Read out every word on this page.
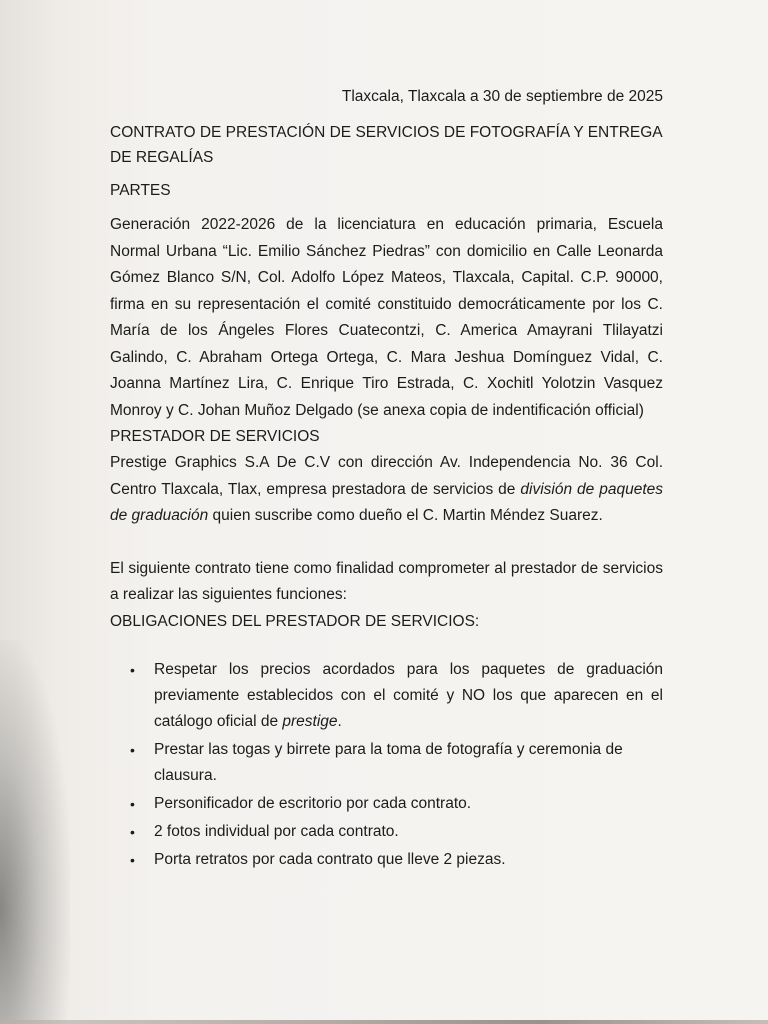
Tlaxcala, Tlaxcala a 30 de septiembre de 2025

CONTRATO DE PRESTACIÓN DE SERVICIOS DE FOTOGRAFÍA Y ENTREGA DE REGALÍAS

PARTES

Generación 2022-2026 de la licenciatura en educación primaria, Escuela Normal Urbana “Lic. Emilio Sánchez Piedras” con domicilio en Calle Leonarda Gómez Blanco S/N, Col. Adolfo López Mateos, Tlaxcala, Capital. C.P. 90000, firma en su representación el comité constituido democráticamente por los C. María de los Ángeles Flores Cuatecontzi, C. America Amayrani Tlilayatzi Galindo, C. Abraham Ortega Ortega, C. Mara Jeshua Domínguez Vidal, C. Joanna Martínez Lira, C. Enrique Tiro Estrada, C. Xochitl Yolotzin Vasquez Monroy y C. Johan Muñoz Delgado (se anexa copia de indentificación official)

PRESTADOR DE SERVICIOS

Prestige Graphics S.A De C.V con dirección Av. Independencia No. 36 Col. Centro Tlaxcala, Tlax, empresa prestadora de servicios de división de paquetes de graduación quien suscribe como dueño el C. Martin Méndez Suarez.

El siguiente contrato tiene como finalidad comprometer al prestador de servicios a realizar las siguientes funciones:

OBLIGACIONES DEL PRESTADOR DE SERVICIOS:

• Respetar los precios acordados para los paquetes de graduación previamente establecidos con el comité y NO los que aparecen en el catálogo oficial de prestige.
• Prestar las togas y birrete para la toma de fotografía y ceremonia de clausura.
• Personificador de escritorio por cada contrato.
• 2 fotos individual por cada contrato.
• Porta retratos por cada contrato que lleve 2 piezas.
